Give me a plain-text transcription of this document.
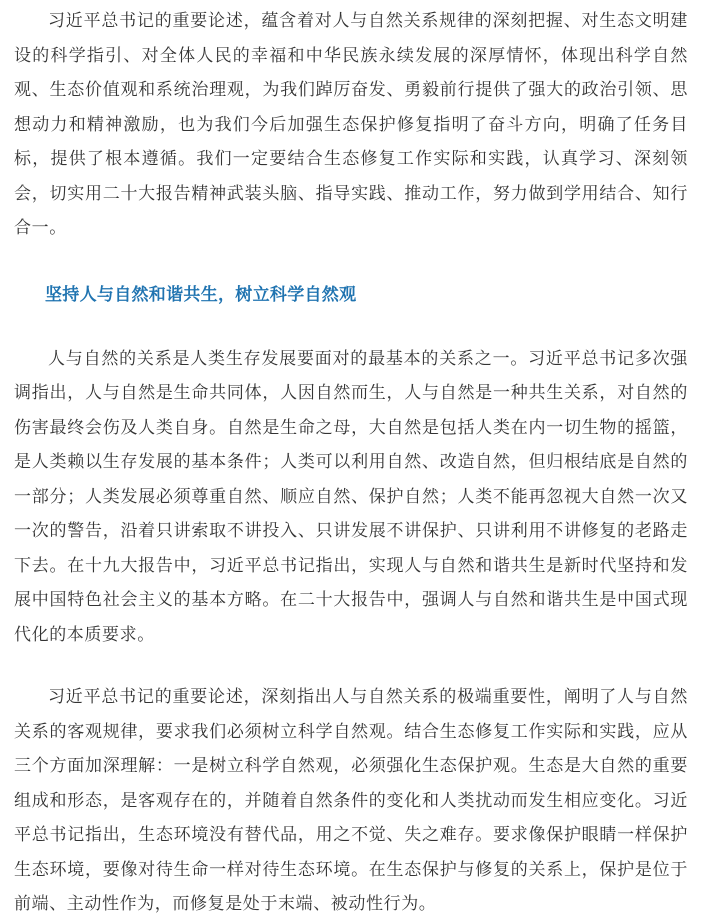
习近平总书记的重要论述，蕴含着对人与自然关系规律的深刻把握、对生态文明建设的科学指引、对全体人民的幸福和中华民族永续发展的深厚情怀，体现出科学自然观、生态价值观和系统治理观，为我们踔厉奋发、勇毅前行提供了强大的政治引领、思想动力和精神激励，也为我们今后加强生态保护修复指明了奋斗方向，明确了任务目标，提供了根本遵循。我们一定要结合生态修复工作实际和实践，认真学习、深刻领会，切实用二十大报告精神武装头脑、指导实践、推动工作，努力做到学用结合、知行合一。

坚持人与自然和谐共生，树立科学自然观

人与自然的关系是人类生存发展要面对的最基本的关系之一。习近平总书记多次强调指出，人与自然是生命共同体，人因自然而生，人与自然是一种共生关系，对自然的伤害最终会伤及人类自身。自然是生命之母，大自然是包括人类在内一切生物的摇篮，是人类赖以生存发展的基本条件；人类可以利用自然、改造自然，但归根结底是自然的一部分；人类发展必须尊重自然、顺应自然、保护自然；人类不能再忽视大自然一次又一次的警告，沿着只讲索取不讲投入、只讲发展不讲保护、只讲利用不讲修复的老路走下去。在十九大报告中，习近平总书记指出，实现人与自然和谐共生是新时代坚持和发展中国特色社会主义的基本方略。在二十大报告中，强调人与自然和谐共生是中国式现代化的本质要求。

习近平总书记的重要论述，深刻指出人与自然关系的极端重要性，阐明了人与自然关系的客观规律，要求我们必须树立科学自然观。结合生态修复工作实际和实践，应从三个方面加深理解：一是树立科学自然观，必须强化生态保护观。生态是大自然的重要组成和形态，是客观存在的，并随着自然条件的变化和人类扰动而发生相应变化。习近平总书记指出，生态环境没有替代品，用之不觉、失之难存。要求像保护眼睛一样保护生态环境，要像对待生命一样对待生态环境。在生态保护与修复的关系上，保护是位于前端、主动性作为，而修复是处于末端、被动性行为。
